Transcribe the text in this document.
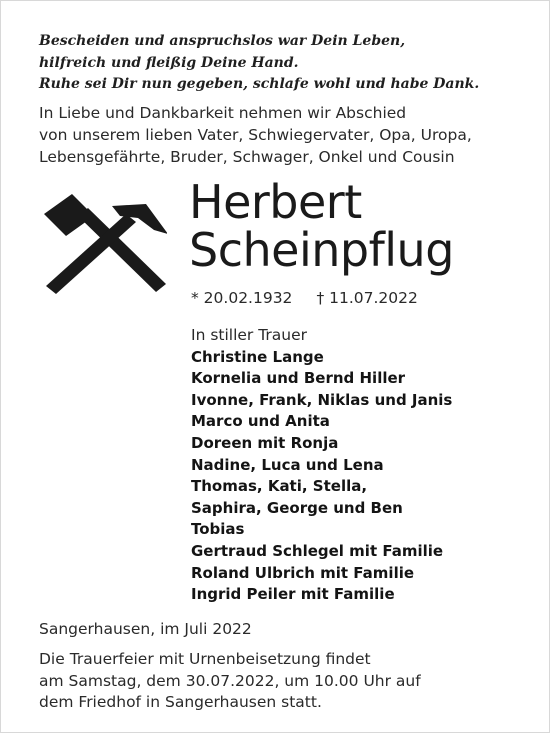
Bescheiden und anspruchslos war Dein Leben,
hilfreich und fleißig Deine Hand.
Ruhe sei Dir nun gegeben, schlafe wohl und habe Dank.
In Liebe und Dankbarkeit nehmen wir Abschied
von unserem lieben Vater, Schwiegervater, Opa, Uropa,
Lebensgefährte, Bruder, Schwager, Onkel und Cousin
Herbert
Scheinpflug
* 20.02.1932 † 11.07.2022
In stiller Trauer
Christine Lange
Kornelia und Bernd Hiller
Ivonne, Frank, Niklas und Janis
Marco und Anita
Doreen mit Ronja
Nadine, Luca und Lena
Thomas, Kati, Stella,
Saphira, George und Ben
Tobias
Gertraud Schlegel mit Familie
Roland Ulbrich mit Familie
Ingrid Peiler mit Familie
Sangerhausen, im Juli 2022
Die Trauerfeier mit Urnenbeisetzung findet
am Samstag, dem 30.07.2022, um 10.00 Uhr auf
dem Friedhof in Sangerhausen statt.
